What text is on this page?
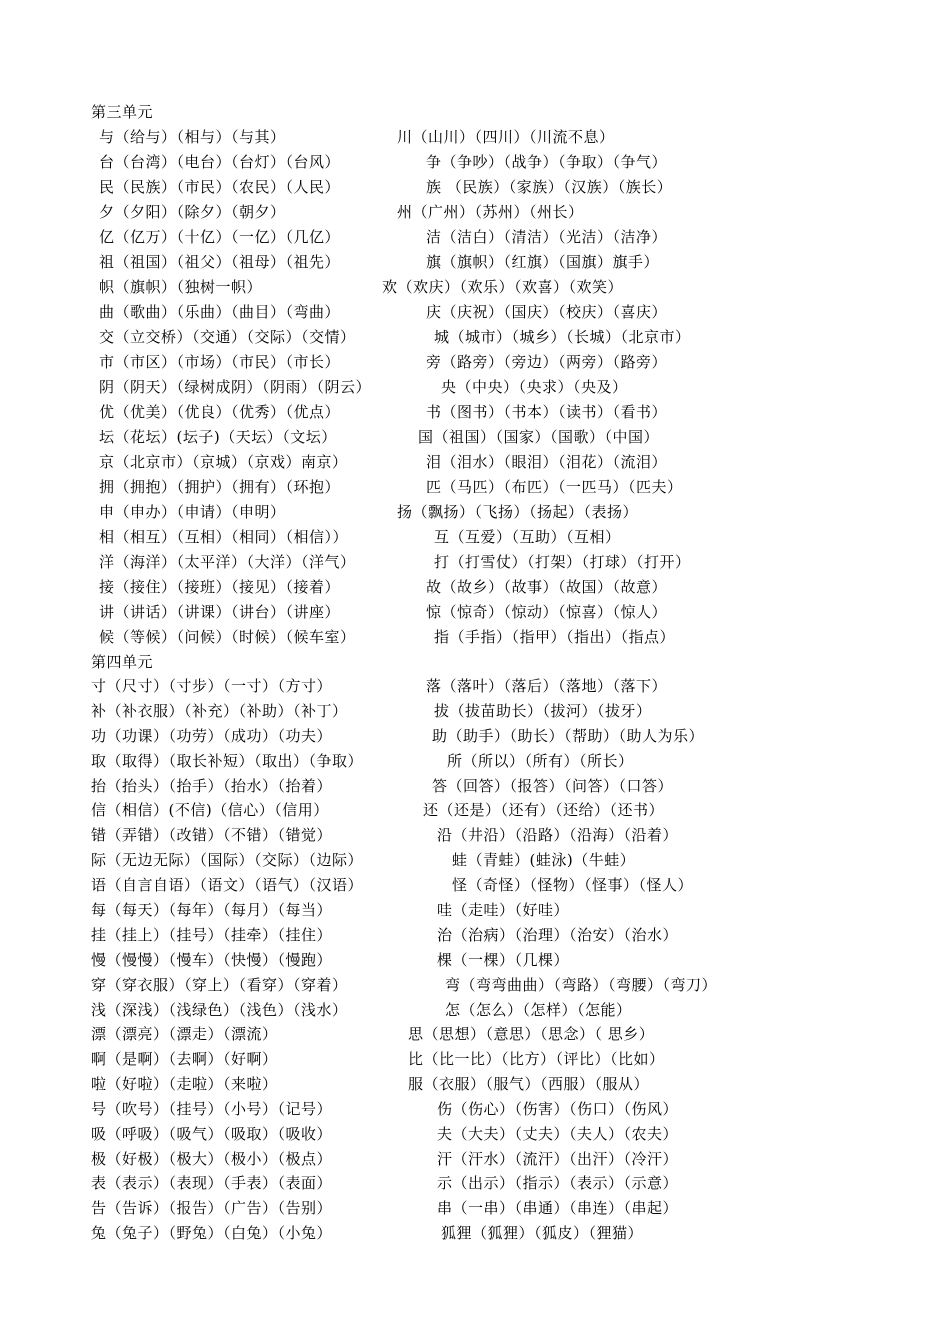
第三单元
与（给与）（相与）（与其）	川（山川）（四川）（川流不息）
台（台湾）（电台）（台灯）（台风）	争（争吵）（战争）（争取）（争气）
民（民族）（市民）（农民）（人民）	族 （民族）（家族）（汉族）（族长）
夕（夕阳）（除夕）（朝夕）	州（广州）（苏州）（州长）
亿（亿万）（十亿）（一亿）（几亿）	洁（洁白）（清洁）（光洁）（洁净）
祖（祖国）（祖父）（祖母）（祖先）	旗（旗帜）（红旗）（国旗）旗手）
帜（旗帜）（独树一帜）	欢（欢庆）（欢乐）（欢喜）（欢笑）
曲（歌曲）（乐曲）（曲目）（弯曲）	庆（庆祝）（国庆）（校庆）（喜庆）
交（立交桥）（交通）（交际）（交情）	城（城市）（城乡）（长城）（北京市）
市（市区）（市场）（市民）（市长）	旁（路旁）（旁边）（两旁）（路旁）
阴（阴天）（绿树成阴）（阴雨）（阴云）	央（中央）（央求）（央及）
优（优美）（优良）（优秀）（优点）	书（图书）（书本）（读书）（看书）
坛（花坛）(坛子)（天坛）（文坛）	国（祖国）（国家）（国歌）（中国）
京（北京市）（京城）（京戏）南京）	泪（泪水）（眼泪）（泪花）（流泪）
拥（拥抱）（拥护）（拥有）（环抱）	匹（马匹）（布匹）（一匹马）（匹夫）
申（申办）（申请）（申明）	扬（飘扬）（飞扬）（扬起）（表扬）
相（相互）（互相）（相同）（相信））	互（互爱）（互助）（互相）
洋（海洋）（太平洋）（大洋）（洋气）	打（打雪仗）（打架）（打球）（打开）
接（接住）（接班）（接见）（接着）	故（故乡）（故事）（故国）（故意）
讲（讲话）（讲课）（讲台）（讲座）	惊（惊奇）（惊动）（惊喜）（惊人）
候（等候）（问候）（时候）（候车室）	指（手指）（指甲）（指出）（指点）
第四单元
寸（尺寸）（寸步）（一寸）（方寸）	落（落叶）（落后）（落地）（落下）
补（补衣服）（补充）（补助）（补丁）	拔（拔苗助长）（拔河）（拔牙）
功（功课）（功劳）（成功）（功夫）	助（助手）（助长）（帮助）（助人为乐）
取（取得）（取长补短）（取出）（争取）	所（所以）（所有）（所长）
抬（抬头）（抬手）（抬水）（抬着）	答（回答）（报答）（问答）（口答）
信（相信）(不信)（信心）（信用）	还（还是）（还有）（还给）（还书）
错（弄错）（改错）（不错）（错觉）	沿（井沿）（沿路）（沿海）（沿着）
际（无边无际）（国际）（交际）（边际）	蛙（青蛙）(蛙泳)（牛蛙）
语（自言自语）（语文）（语气）（汉语）	怪（奇怪）（怪物）（怪事）（怪人）
每（每天）（每年）（每月）（每当）	哇（走哇）（好哇）
挂（挂上）（挂号）（挂牵）（挂住）	治（治病）（治理）（治安）（治水）
慢（慢慢）（慢车）（快慢）（慢跑）	棵（一棵）（几棵）
穿（穿衣服）（穿上）（看穿）（穿着）	弯（弯弯曲曲）（弯路）（弯腰）（弯刀）
浅（深浅）（浅绿色）（浅色）（浅水）	怎（怎么）（怎样）（怎能）
漂（漂亮）（漂走）（漂流）	思（思想）（意思）（思念）（ 思乡）
啊（是啊）（去啊）（好啊）	比（比一比）（比方）（评比）（比如）
啦（好啦）（走啦）（来啦）	服（衣服）（服气）（西服）（服从）
号（吹号）（挂号）（小号）（记号）	伤（伤心）（伤害）（伤口）（伤风）
吸（呼吸）（吸气）（吸取）（吸收）	夫（大夫）（丈夫）（夫人）（农夫）
极（好极）（极大）（极小）（极点）	汗（汗水）（流汗）（出汗）（冷汗）
表（表示）（表现）（手表）（表面）	示（出示）（指示）（表示）（示意）
告（告诉）（报告）（广告）（告别）	串（一串）（串通）（串连）（串起）
兔（兔子）（野兔）（白兔）（小兔）	狐狸（狐狸）（狐皮）（狸猫）
